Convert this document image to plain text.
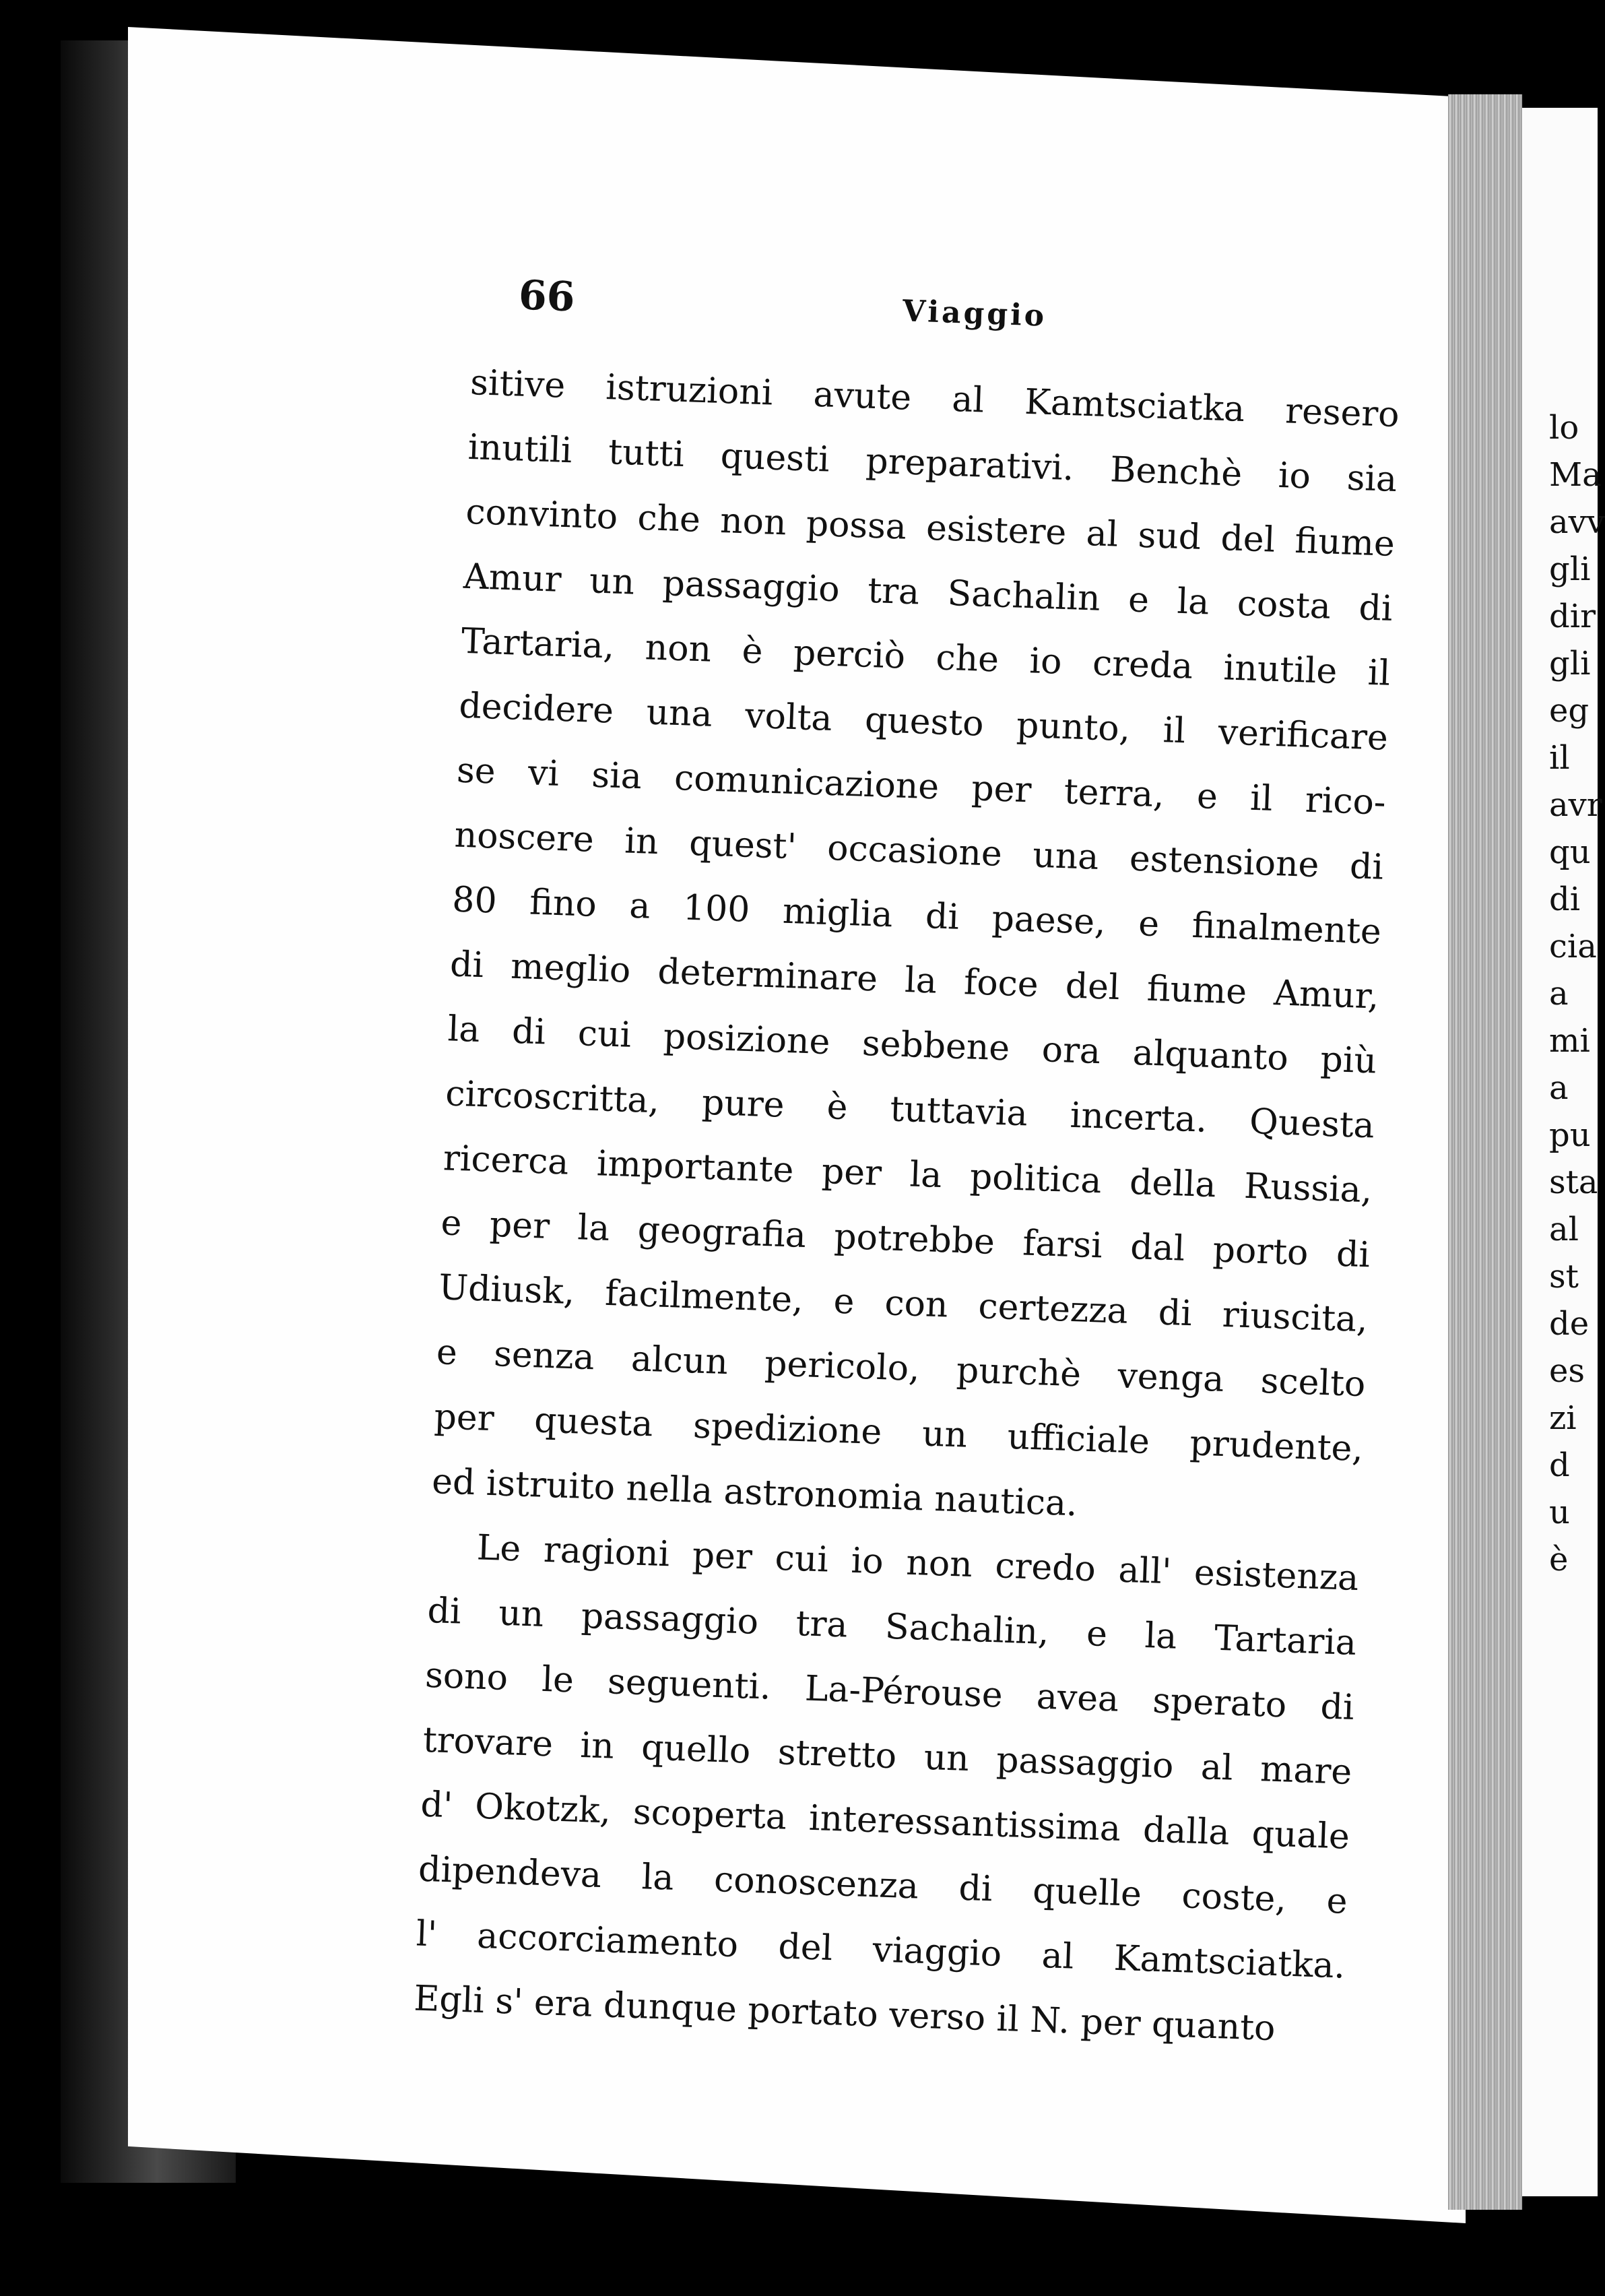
lo
Ma
avv
gli
dir
gli
eg
il
avr
qu
di
cia
a
mi
a
pu
sta
al
st
de
es
zi
d
u
è
66	Viaggio
sitive istruzioni avute al Kamtsciatka resero
inutili tutti questi preparativi. Benchè io sia
convinto che non possa esistere al sud del fiume
Amur un passaggio tra Sachalin e la costa di
Tartaria, non è perciò che io creda inutile il
decidere una volta questo punto, il verificare
se vi sia comunicazione per terra, e il rico-
noscere in quest' occasione una estensione di
80 fino a 100 miglia di paese, e finalmente
di meglio determinare la foce del fiume Amur,
la di cui posizione sebbene ora alquanto più
circoscritta, pure è tuttavia incerta. Questa
ricerca importante per la politica della Russia,
e per la geografia potrebbe farsi dal porto di
Udiusk, facilmente, e con certezza di riuscita,
e senza alcun pericolo, purchè venga scelto
per questa spedizione un ufficiale prudente,
ed istruito nella astronomia nautica.
Le ragioni per cui io non credo all' esistenza
di un passaggio tra Sachalin, e la Tartaria
sono le seguenti. La-Pérouse avea sperato di
trovare in quello stretto un passaggio al mare
d' Okotzk, scoperta interessantissima dalla quale
dipendeva la conoscenza di quelle coste, e
l' accorciamento del viaggio al Kamtsciatka.
Egli s' era dunque portato verso il N. per quanto
